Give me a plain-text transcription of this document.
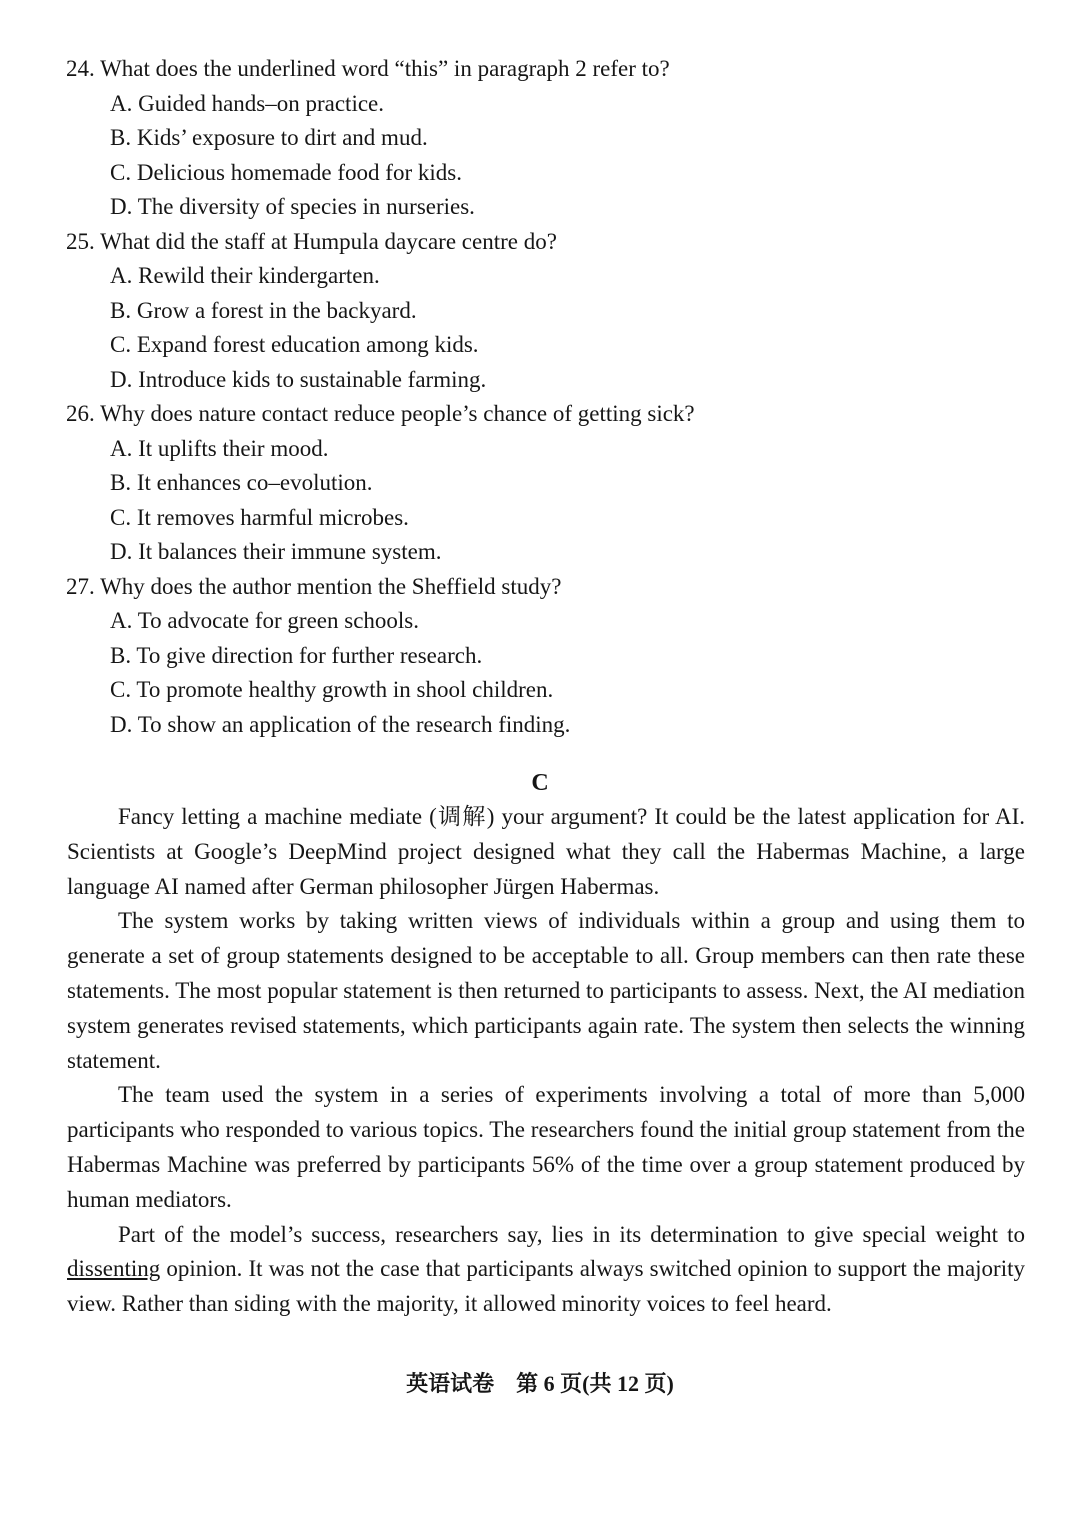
24. What does the underlined word “this” in paragraph 2 refer to?

A. Guided hands–on practice.

B. Kids’ exposure to dirt and mud.

C. Delicious homemade food for kids.

D. The diversity of species in nurseries.

25. What did the staff at Humpula daycare centre do?

A. Rewild their kindergarten.

B. Grow a forest in the backyard.

C. Expand forest education among kids.

D. Introduce kids to sustainable farming.

26. Why does nature contact reduce people’s chance of getting sick?

A. It uplifts their mood.

B. It enhances co–evolution.

C. It removes harmful microbes.

D. It balances their immune system.

27. Why does the author mention the Sheffield study?

A. To advocate for green schools.

B. To give direction for further research.

C. To promote healthy growth in shool children.

D. To show an application of the research finding.

C

Fancy letting a machine mediate (调解) your argument? It could be the latest application for AI. Scientists at Google’s DeepMind project designed what they call the Habermas Machine, a large language AI named after German philosopher Jürgen Habermas.

The system works by taking written views of individuals within a group and using them to generate a set of group statements designed to be acceptable to all. Group members can then rate these statements. The most popular statement is then returned to participants to assess. Next, the AI mediation system generates revised statements, which participants again rate. The system then selects the winning statement.

The team used the system in a series of experiments involving a total of more than 5,000 participants who responded to various topics. The researchers found the initial group statement from the Habermas Machine was preferred by participants 56% of the time over a group statement produced by human mediators.

Part of the model’s success, researchers say, lies in its determination to give special weight to dissenting opinion. It was not the case that participants always switched opinion to support the majority view. Rather than siding with the majority, it allowed minority voices to feel heard.

英语试卷　第 6 页(共 12 页)
